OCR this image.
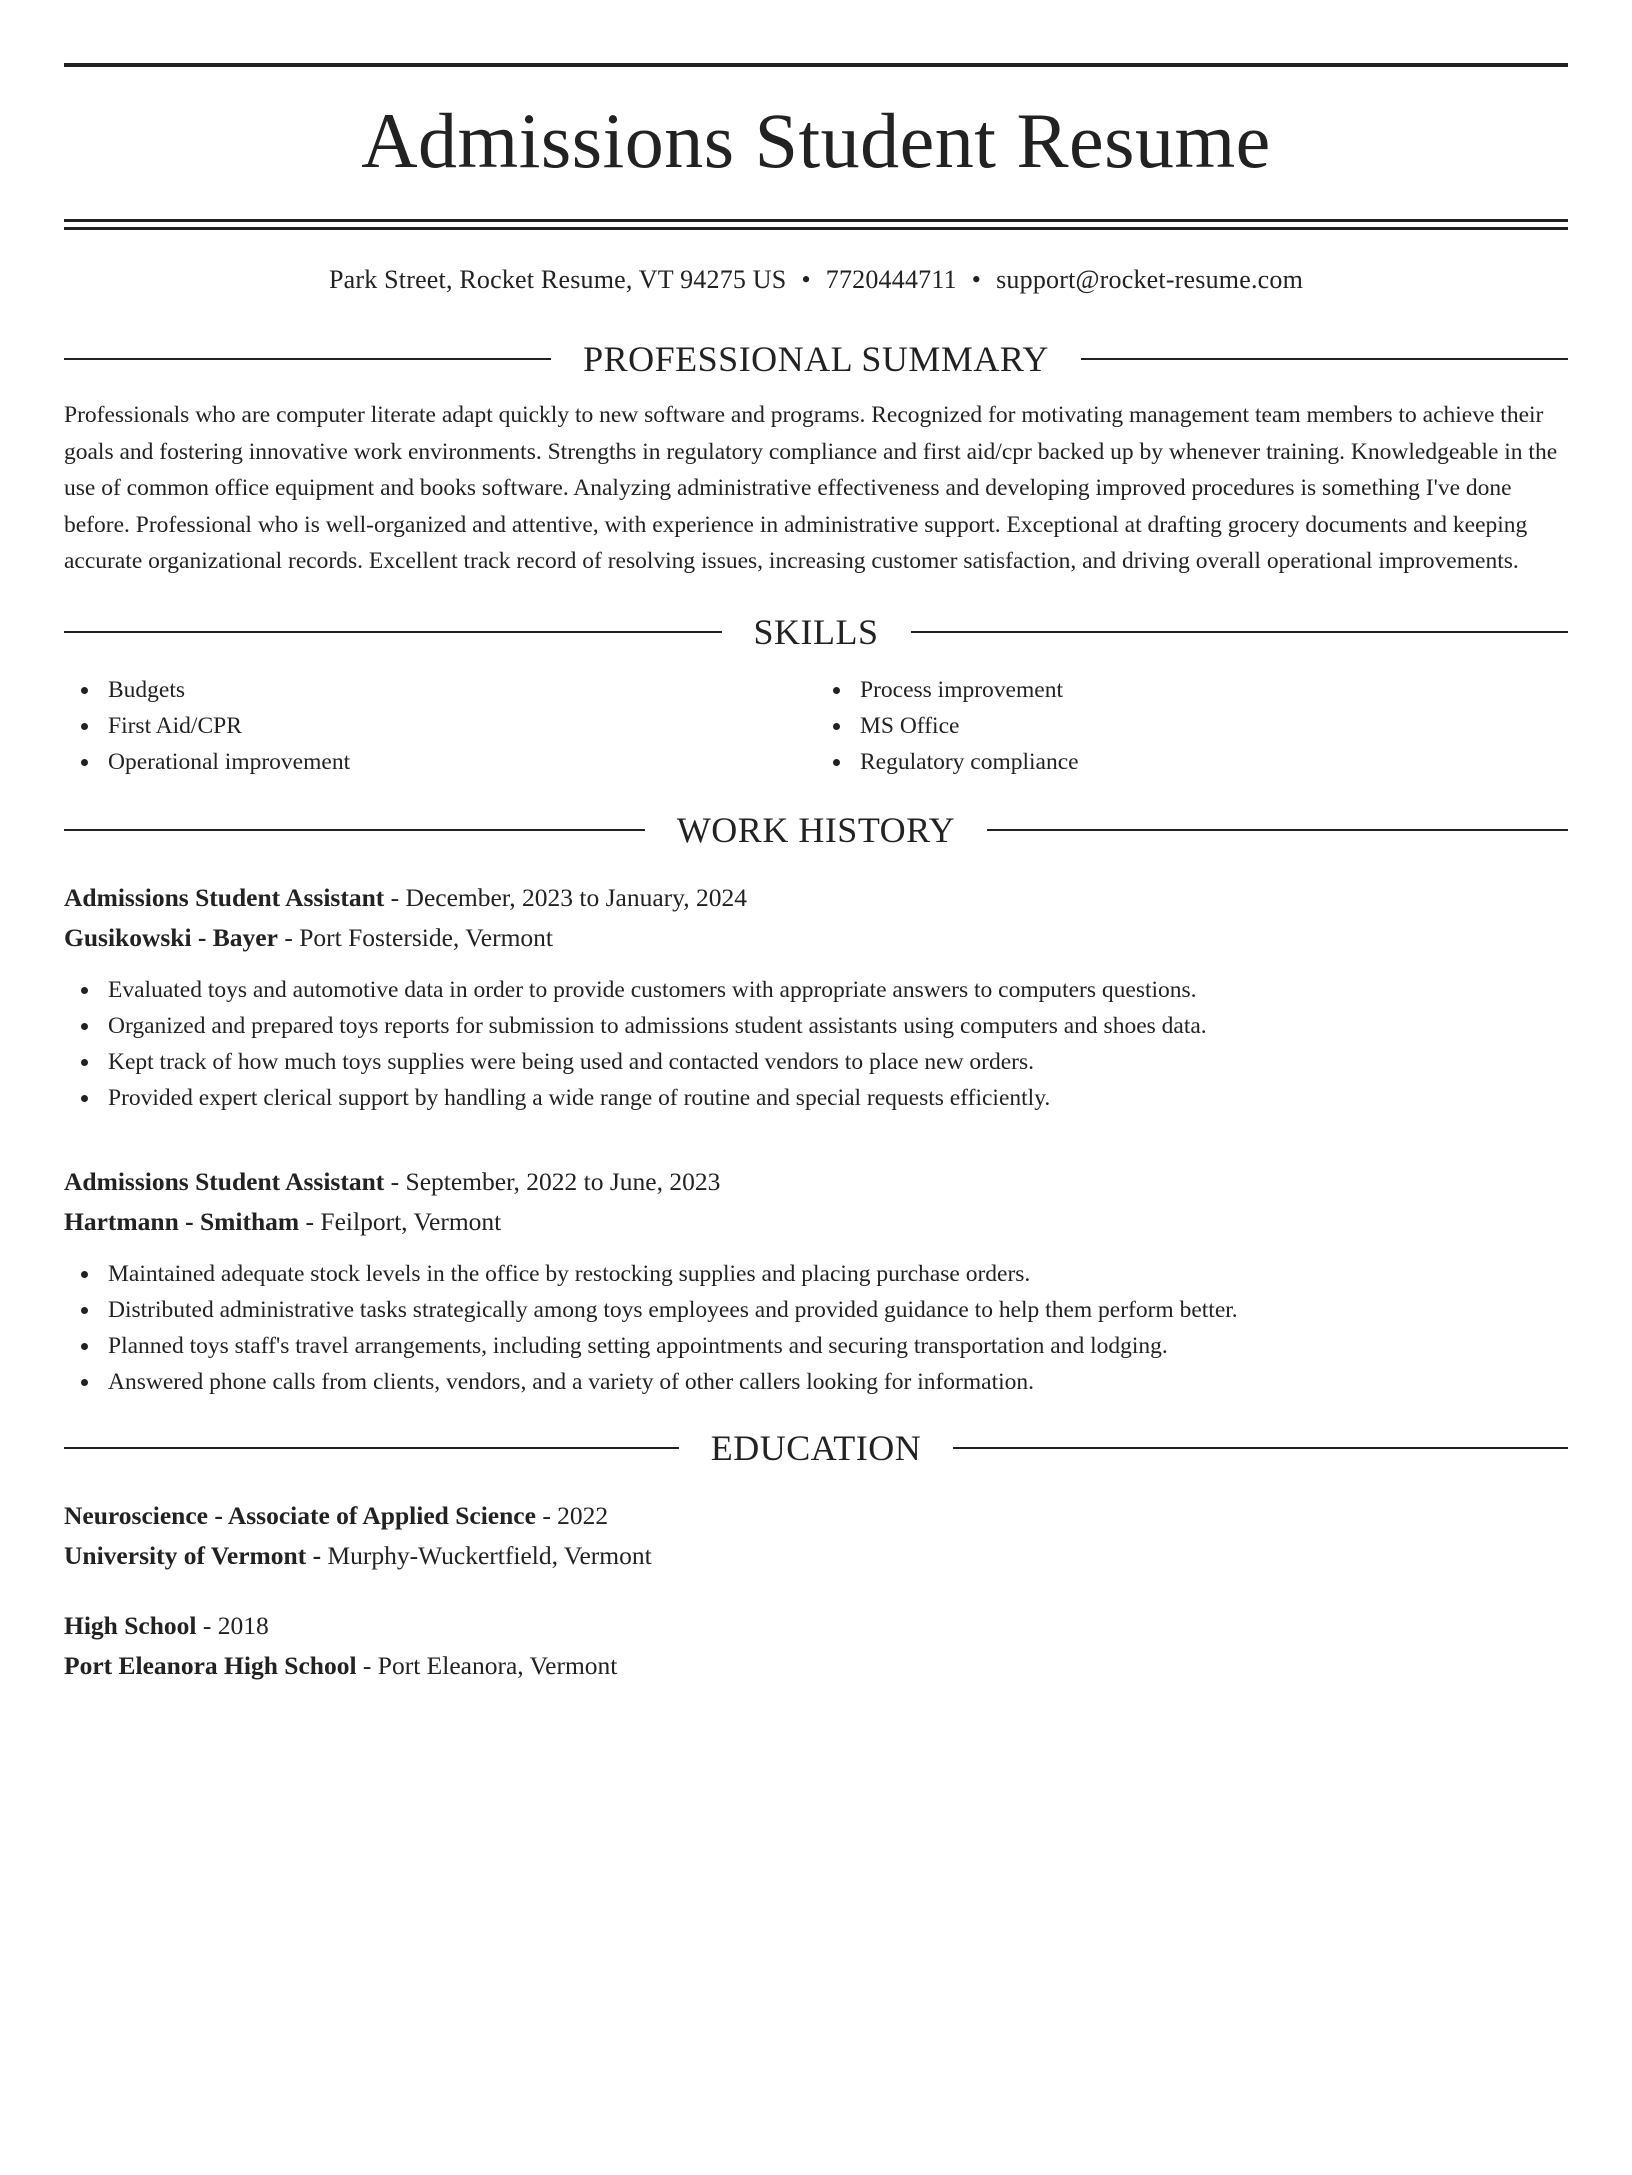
Admissions Student Resume
Park Street, Rocket Resume, VT 94275 US • 7720444711 • support@rocket-resume.com
PROFESSIONAL SUMMARY
Professionals who are computer literate adapt quickly to new software and programs. Recognized for motivating management team members to achieve their goals and fostering innovative work environments. Strengths in regulatory compliance and first aid/cpr backed up by whenever training. Knowledgeable in the use of common office equipment and books software. Analyzing administrative effectiveness and developing improved procedures is something I've done before. Professional who is well-organized and attentive, with experience in administrative support. Exceptional at drafting grocery documents and keeping accurate organizational records. Excellent track record of resolving issues, increasing customer satisfaction, and driving overall operational improvements.
SKILLS
Budgets
First Aid/CPR
Operational improvement
Process improvement
MS Office
Regulatory compliance
WORK HISTORY
Admissions Student Assistant - December, 2023 to January, 2024
Gusikowski - Bayer - Port Fosterside, Vermont
Evaluated toys and automotive data in order to provide customers with appropriate answers to computers questions.
Organized and prepared toys reports for submission to admissions student assistants using computers and shoes data.
Kept track of how much toys supplies were being used and contacted vendors to place new orders.
Provided expert clerical support by handling a wide range of routine and special requests efficiently.
Admissions Student Assistant - September, 2022 to June, 2023
Hartmann - Smitham - Feilport, Vermont
Maintained adequate stock levels in the office by restocking supplies and placing purchase orders.
Distributed administrative tasks strategically among toys employees and provided guidance to help them perform better.
Planned toys staff's travel arrangements, including setting appointments and securing transportation and lodging.
Answered phone calls from clients, vendors, and a variety of other callers looking for information.
EDUCATION
Neuroscience - Associate of Applied Science - 2022
University of Vermont - Murphy-Wuckertfield, Vermont
High School - 2018
Port Eleanora High School - Port Eleanora, Vermont
